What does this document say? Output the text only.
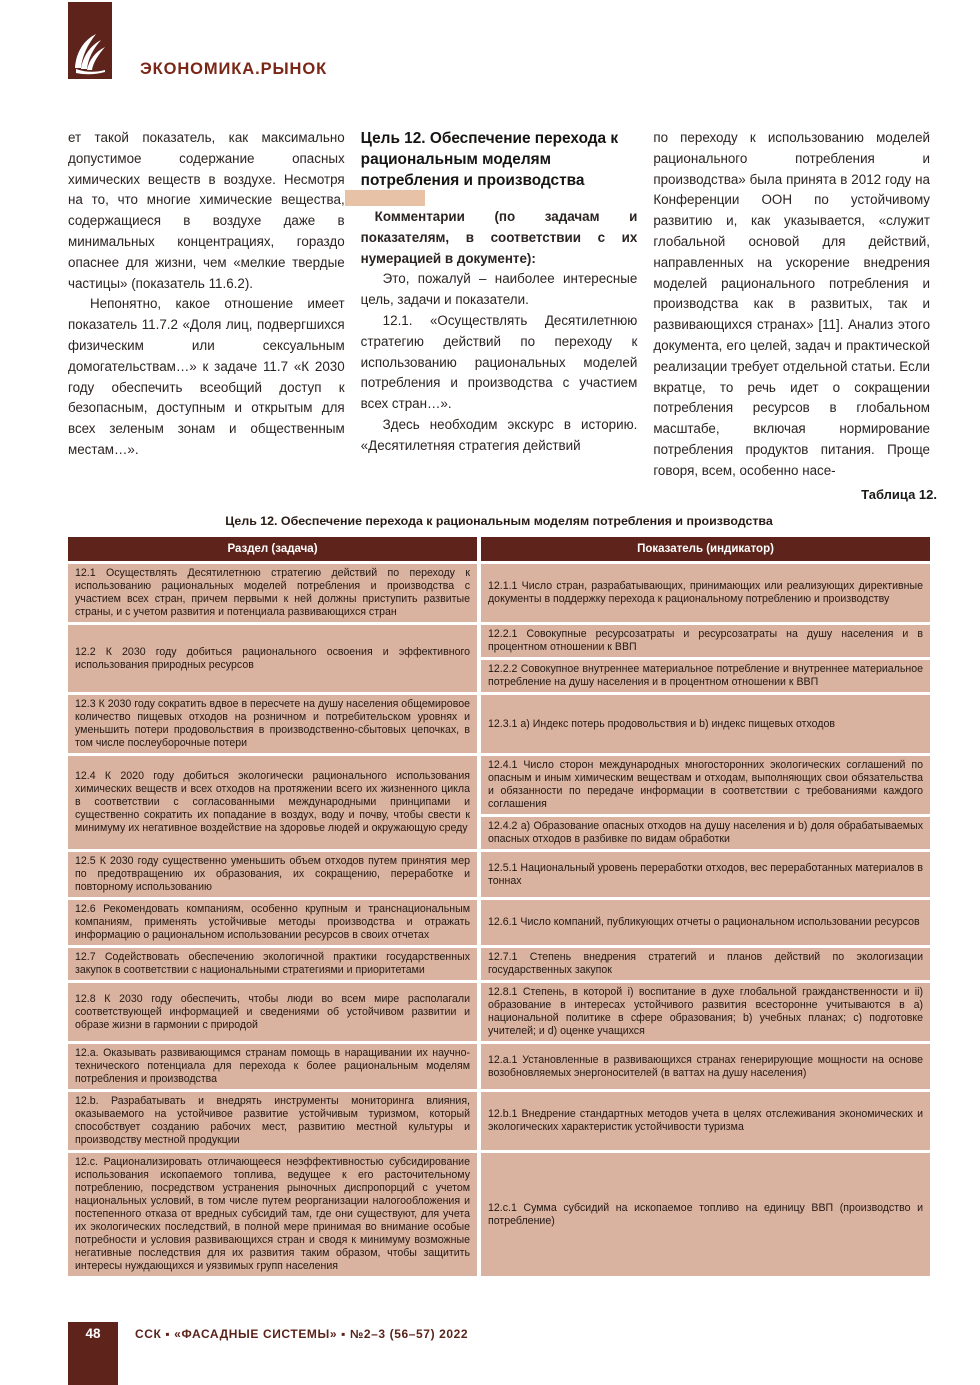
ЭКОНОМИКА.РЫНОК

ет такой показатель, как максимально допустимое содержание опасных химических веществ в воздухе. Несмотря на то, что многие химические вещества, содержащиеся в воздухе даже в минимальных концентрациях, гораздо опаснее для жизни, чем «мелкие твердые частицы» (показатель 11.6.2).

Непонятно, какое отношение имеет показатель 11.7.2 «Доля лиц, подвергшихся физическим или сексуальным домогательствам…» к задаче 11.7 «К 2030 году обеспечить всеобщий доступ к безопасным, доступным и открытым для всех зеленым зонам и общественным местам…».

Цель 12. Обеспечение перехода к рациональным моделям потребления и производства

Комментарии (по задачам и показателям, в соответствии с их нумерацией в документе):

Это, пожалуй – наиболее интересные цель, задачи и показатели.

12.1. «Осуществлять Десятилетнюю стратегию действий по переходу к использованию рациональных моделей потребления и производства с участием всех стран…».

Здесь необходим экскурс в историю. «Десятилетняя стратегия действий

по переходу к использованию моделей рационального потребления и производства» была принята в 2012 году на Конференции ООН по устойчивому развитию и, как указывается, «служит глобальной основой для действий, направленных на ускорение внедрения моделей рационального потребления и производства как в развитых, так и развивающихся странах» [11]. Анализ этого документа, его целей, задач и практической реализации требует отдельной статьи. Если вкратце, то речь идет о сокращении потребления ресурсов в глобальном масштабе, включая нормирование потребления продуктов питания. Проще говоря, всем, особенно насе-

Таблица 12.
Цель 12. Обеспечение перехода к рациональным моделям потребления и производства
Раздел (задача)	Показатель (индикатор)
12.1 Осуществлять Десятилетнюю стратегию действий по переходу к использованию рациональных моделей потребления и производства с участием всех стран, причем первыми к ней должны приступить развитые страны, и с учетом развития и потенциала развивающихся стран
12.1.1 Число стран, разрабатывающих, принимающих или реализующих директивные документы в поддержку перехода к рациональному потреблению и производству
12.2 К 2030 году добиться рационального освоения и эффективного использования природных ресурсов
12.2.1 Совокупные ресурсозатраты и ресурсозатраты на душу населения и в процентном отношении к ВВП
12.2.2 Совокупное внутреннее материальное потребление и внутреннее материальное потребление на душу населения и в процентном отношении к ВВП
12.3 К 2030 году сократить вдвое в пересчете на душу населения общемировое количество пищевых отходов на розничном и потребительском уровнях и уменьшить потери продовольствия в производственно-сбытовых цепочках, в том числе послеуборочные потери
12.3.1 a) Индекс потерь продовольствия и b) индекс пищевых отходов
12.4 К 2020 году добиться экологически рационального использования химических веществ и всех отходов на протяжении всего их жизненного цикла в соответствии с согласованными международными принципами и существенно сократить их попадание в воздух, воду и почву, чтобы свести к минимуму их негативное воздействие на здоровье людей и окружающую среду
12.4.1 Число сторон международных многосторонних экологических соглашений по опасным и иным химическим веществам и отходам, выполняющих свои обязательства и обязанности по передаче информации в соответствии с требованиями каждого соглашения
12.4.2 a) Образование опасных отходов на душу населения и b) доля обрабатываемых опасных отходов в разбивке по видам обработки
12.5 К 2030 году существенно уменьшить объем отходов путем принятия мер по предотвращению их образования, их сокращению, переработке и повторному использованию
12.5.1 Национальный уровень переработки отходов, вес переработанных материалов в тоннах
12.6 Рекомендовать компаниям, особенно крупным и транснациональным компаниям, применять устойчивые методы производства и отражать информацию о рациональном использовании ресурсов в своих отчетах
12.6.1 Число компаний, публикующих отчеты о рациональном использовании ресурсов
12.7 Содействовать обеспечению экологичной практики государственных закупок в соответствии с национальными стратегиями и приоритетами
12.7.1 Степень внедрения стратегий и планов действий по экологизации государственных закупок
12.8 К 2030 году обеспечить, чтобы люди во всем мире располагали соответствующей информацией и сведениями об устойчивом развитии и образе жизни в гармонии с природой
12.8.1 Степень, в которой i) воспитание в духе глобальной гражданственности и ii) образование в интересах устойчивого развития всесторонне учитываются в a) национальной политике в сфере образования; b) учебных планах; c) подготовке учителей; и d) оценке учащихся
12.a. Оказывать развивающимся странам помощь в наращивании их научно-технического потенциала для перехода к более рациональным моделям потребления и производства
12.a.1 Установленные в развивающихся странах генерирующие мощности на основе возобновляемых энергоносителей (в ваттах на душу населения)
12.b. Разрабатывать и внедрять инструменты мониторинга влияния, оказываемого на устойчивое развитие устойчивым туризмом, который способствует созданию рабочих мест, развитию местной культуры и производству местной продукции
12.b.1 Внедрение стандартных методов учета в целях отслеживания экономических и экологических характеристик устойчивости туризма
12.c. Рационализировать отличающееся неэффективностью субсидирование использования ископаемого топлива, ведущее к его расточительному потреблению, посредством устранения рыночных диспропорций с учетом национальных условий, в том числе путем реорганизации налогообложения и постепенного отказа от вредных субсидий там, где они существуют, для учета их экологических последствий, в полной мере принимая во внимание особые потребности и условия развивающихся стран и сводя к минимуму возможные негативные последствия для их развития таким образом, чтобы защитить интересы нуждающихся и уязвимых групп населения
12.c.1 Сумма субсидий на ископаемое топливо на единицу ВВП (производство и потребление)
48	ССК ▪ «ФАСАДНЫЕ СИСТЕМЫ» ▪ №2–3 (56–57) 2022
